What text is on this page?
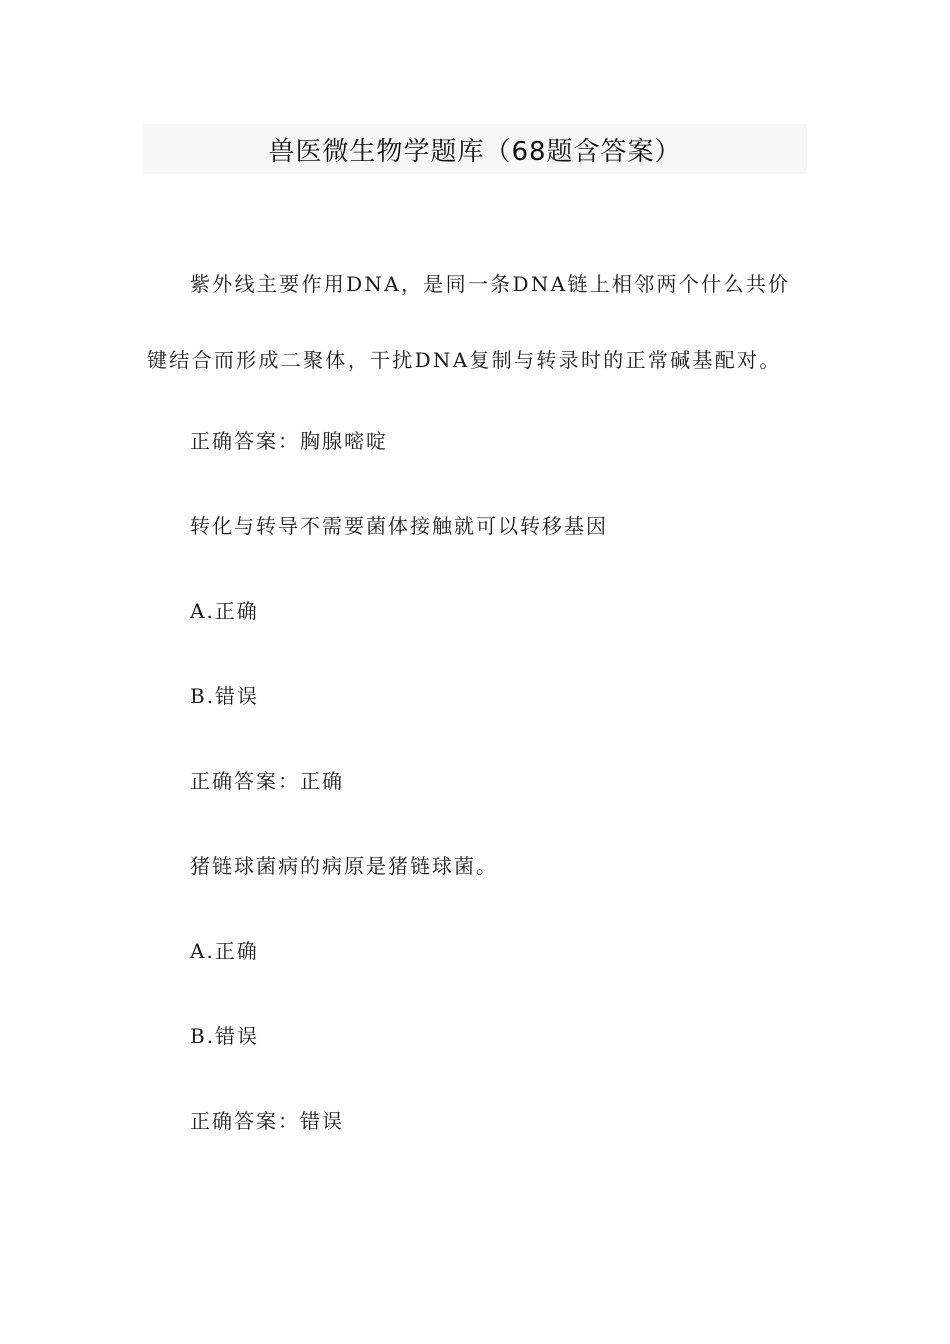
兽医微生物学题库（68题含答案）
紫外线主要作用DNA，是同一条DNA链上相邻两个什么共价键结合而形成二聚体，干扰DNA复制与转录时的正常碱基配对。
正确答案：胸腺嘧啶
转化与转导不需要菌体接触就可以转移基因
A.正确
B.错误
正确答案：正确
猪链球菌病的病原是猪链球菌。
A.正确
B.错误
正确答案：错误
